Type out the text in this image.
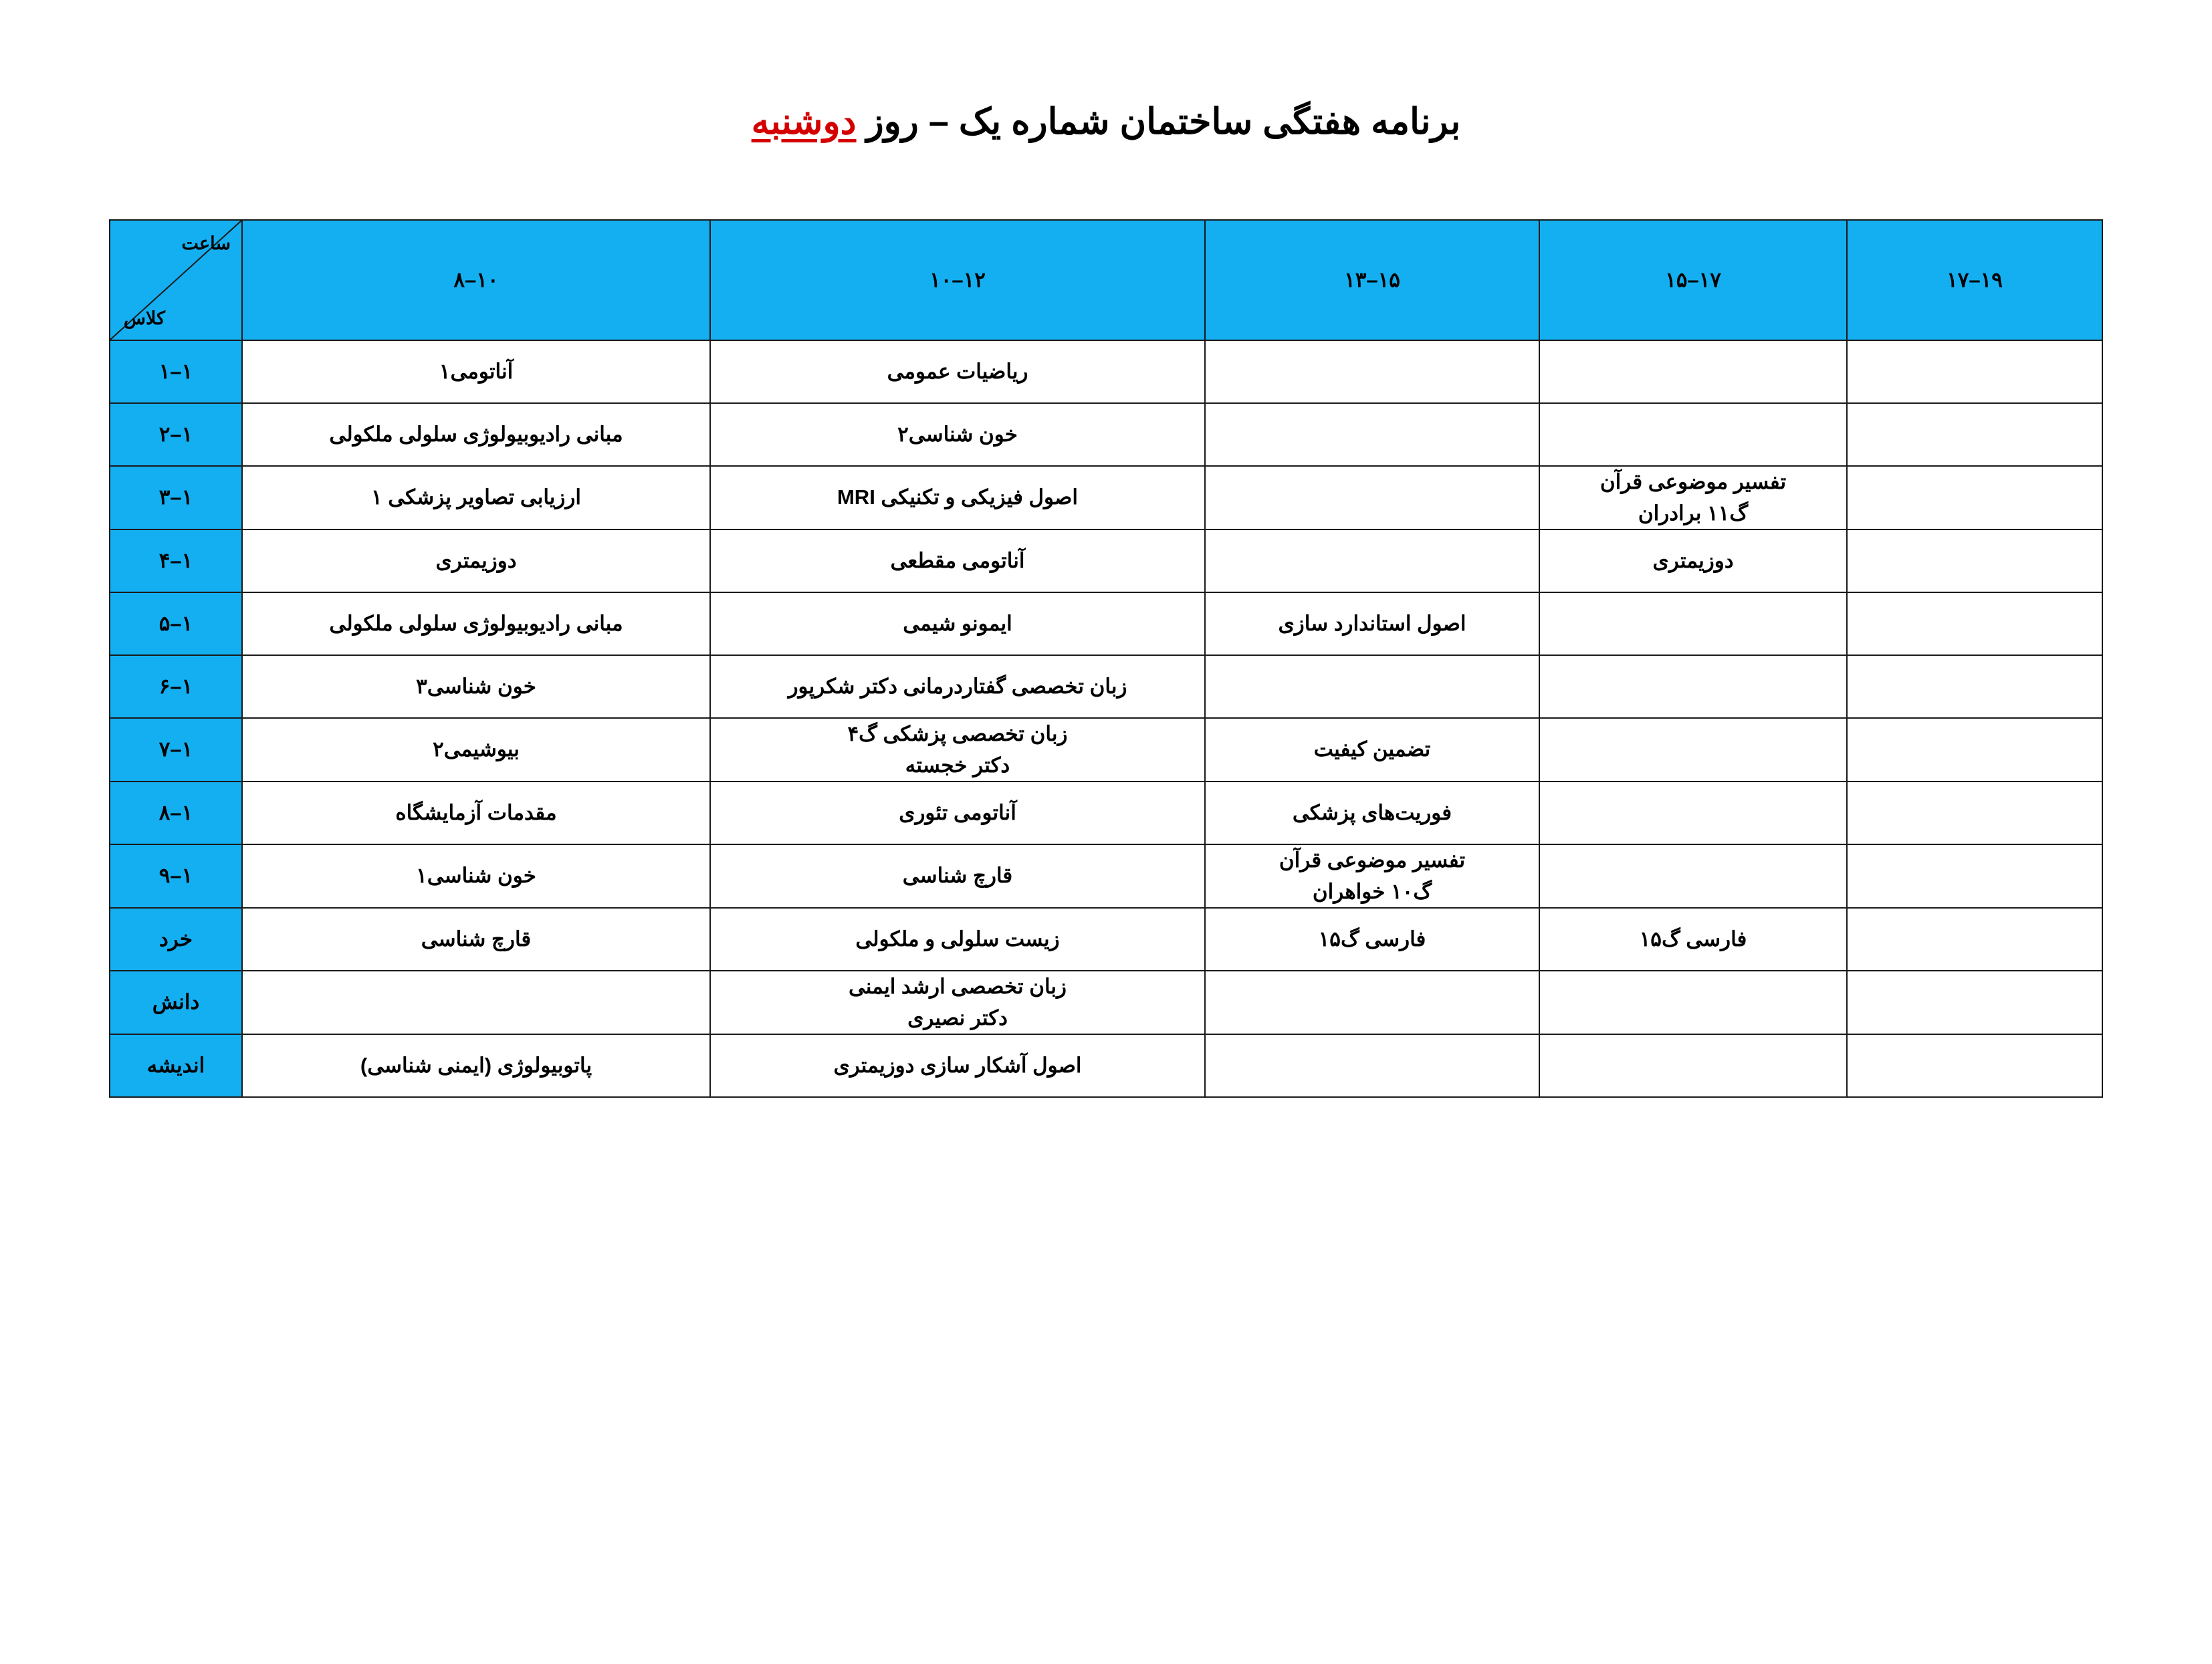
برنامه هفتگی ساختمان شماره یک – روز دوشنبه
۱۹–۱۷	۱۷–۱۵	۱۵–۱۳	۱۲–۱۰	۱۰–۸	ساعت
کلاس

			ریاضیات عمومی	آناتومی۱	۱–۱

			خون شناسی۲	مبانی رادیوبیولوژی سلولی ملکولی	۱–۲

	تفسیر موضوعی قرآن
گ۱۱ برادران		اصول فیزیکی و تکنیکی MRI	ارزیابی تصاویر پزشکی ۱	۱–۳

	دوزیمتری		آناتومی مقطعی	دوزیمتری	۱–۴

		اصول استاندارد سازی	ایمونو شیمی	مبانی رادیوبیولوژی سلولی ملکولی	۱–۵

			زبان تخصصی گفتاردرمانی دکتر شکرپور	خون شناسی۳	۱–۶

		تضمین کیفیت	زبان تخصصی پزشکی گ۴
دکتر خجسته	بیوشیمی۲	۱–۷

		فوریت‌های پزشکی	آناتومی تئوری	مقدمات آزمایشگاه	۱–۸

		تفسیر موضوعی قرآن
گ۱۰ خواهران	قارچ شناسی	خون شناسی۱	۱–۹

	فارسی گ۱۵	فارسی گ۱۵	زیست سلولی و ملکولی	قارچ شناسی	خرد

			زبان تخصصی ارشد ایمنی
دکتر نصیری		دانش

			اصول آشکار سازی دوزیمتری	پاتوبیولوژی (ایمنی شناسی)	اندیشه
